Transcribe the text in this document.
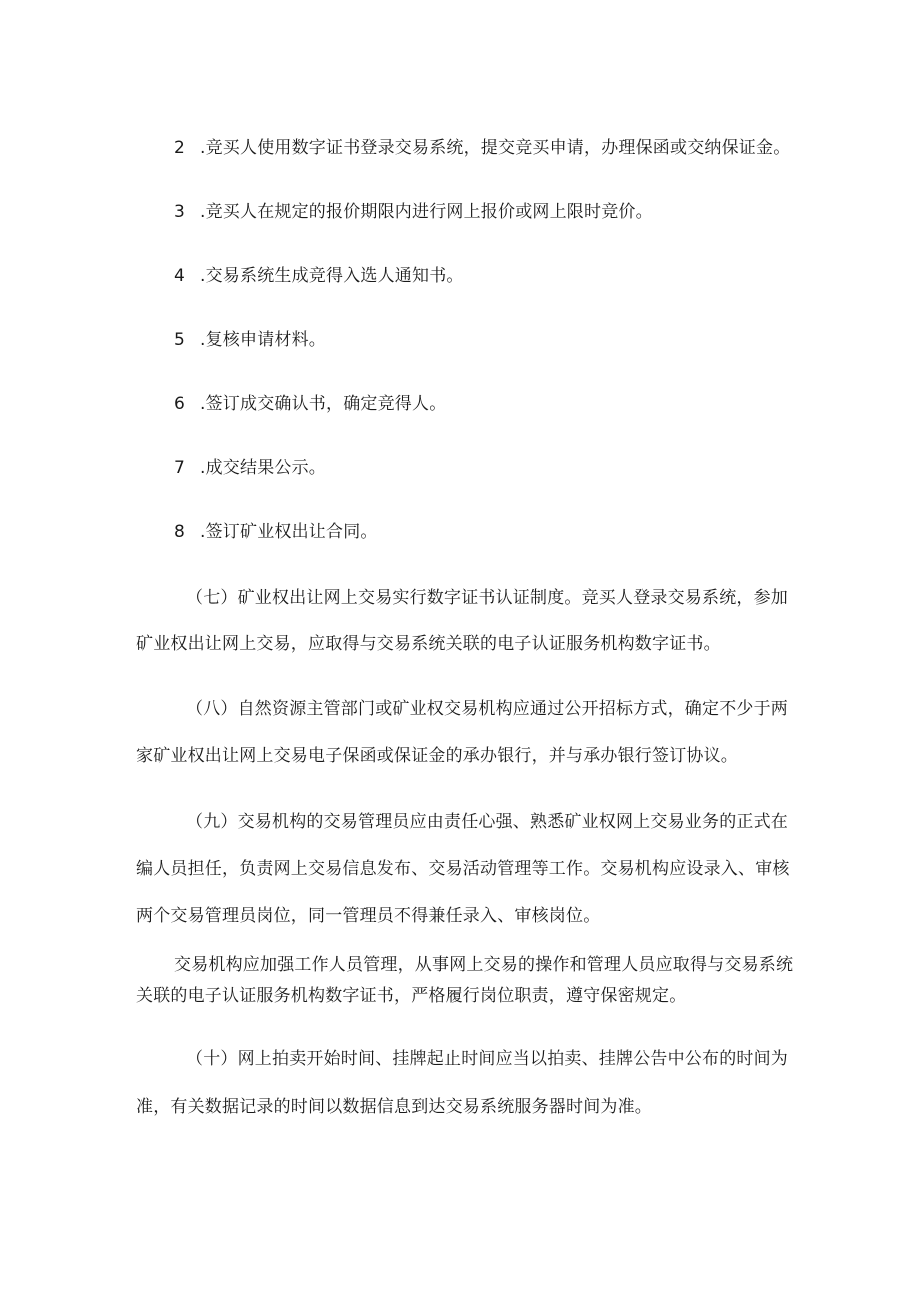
2 .竞买人使用数字证书登录交易系统，提交竞买申请，办理保函或交纳保证金。
3 .竞买人在规定的报价期限内进行网上报价或网上限时竞价。
4 .交易系统生成竞得入选人通知书。
5 .复核申请材料。
6 .签订成交确认书，确定竞得人。
7 .成交结果公示。
8 .签订矿业权出让合同。
（七）矿业权出让网上交易实行数字证书认证制度。竞买人登录交易系统，参加
矿业权出让网上交易，应取得与交易系统关联的电子认证服务机构数字证书。
（八）自然资源主管部门或矿业权交易机构应通过公开招标方式，确定不少于两
家矿业权出让网上交易电子保函或保证金的承办银行，并与承办银行签订协议。
（九）交易机构的交易管理员应由责任心强、熟悉矿业权网上交易业务的正式在
编人员担任，负责网上交易信息发布、交易活动管理等工作。交易机构应设录入、审核
两个交易管理员岗位，同一管理员不得兼任录入、审核岗位。
交易机构应加强工作人员管理，从事网上交易的操作和管理人员应取得与交易系统
关联的电子认证服务机构数字证书，严格履行岗位职责，遵守保密规定。
（十）网上拍卖开始时间、挂牌起止时间应当以拍卖、挂牌公告中公布的时间为
准，有关数据记录的时间以数据信息到达交易系统服务器时间为准。
